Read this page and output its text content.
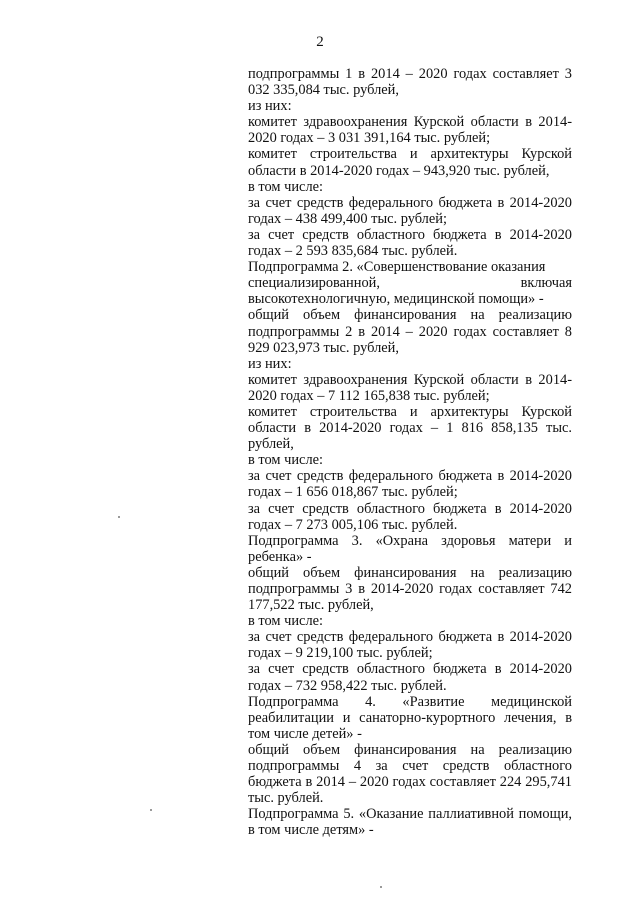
2

подпрограммы 1 в 2014 – 2020 годах составляет 3 032 335,084 тыс. рублей,

из них:

комитет здравоохранения Курской области в 2014-2020 годах – 3 031 391,164 тыс. рублей;

комитет строительства и архитектуры Курской области в 2014-2020 годах – 943,920 тыс. рублей,

в том числе:

за счет средств федерального бюджета в 2014-2020 годах – 438 499,400 тыс. рублей;

за счет средств областного бюджета в 2014-2020 годах – 2 593 835,684 тыс. рублей.

Подпрограмма 2. «Совершенствование оказания

специализированной, включая

высокотехнологичную, медицинской помощи» -

общий объем финансирования на реализацию подпрограммы 2 в 2014 – 2020 годах составляет 8 929 023,973 тыс. рублей,

из них:

комитет здравоохранения Курской области в 2014-2020 годах – 7 112 165,838 тыс. рублей;

комитет строительства и архитектуры Курской области в 2014-2020 годах – 1 816 858,135 тыс. рублей,

в том числе:

за счет средств федерального бюджета в 2014-2020 годах – 1 656 018,867 тыс. рублей;

за счет средств областного бюджета в 2014-2020 годах – 7 273 005,106 тыс. рублей.

Подпрограмма 3. «Охрана здоровья матери и ребенка» -

общий объем финансирования на реализацию подпрограммы 3 в 2014-2020 годах составляет 742 177,522 тыс. рублей,

в том числе:

за счет средств федерального бюджета в 2014-2020 годах – 9 219,100 тыс. рублей;

за счет средств областного бюджета в 2014-2020 годах – 732 958,422 тыс. рублей.

Подпрограмма 4. «Развитие медицинской реабилитации и санаторно-курортного лечения, в том числе детей» -

общий объем финансирования на реализацию подпрограммы 4 за счет средств областного бюджета в 2014 – 2020 годах составляет 224 295,741 тыс. рублей.

Подпрограмма 5. «Оказание паллиативной помощи, в том числе детям» -
